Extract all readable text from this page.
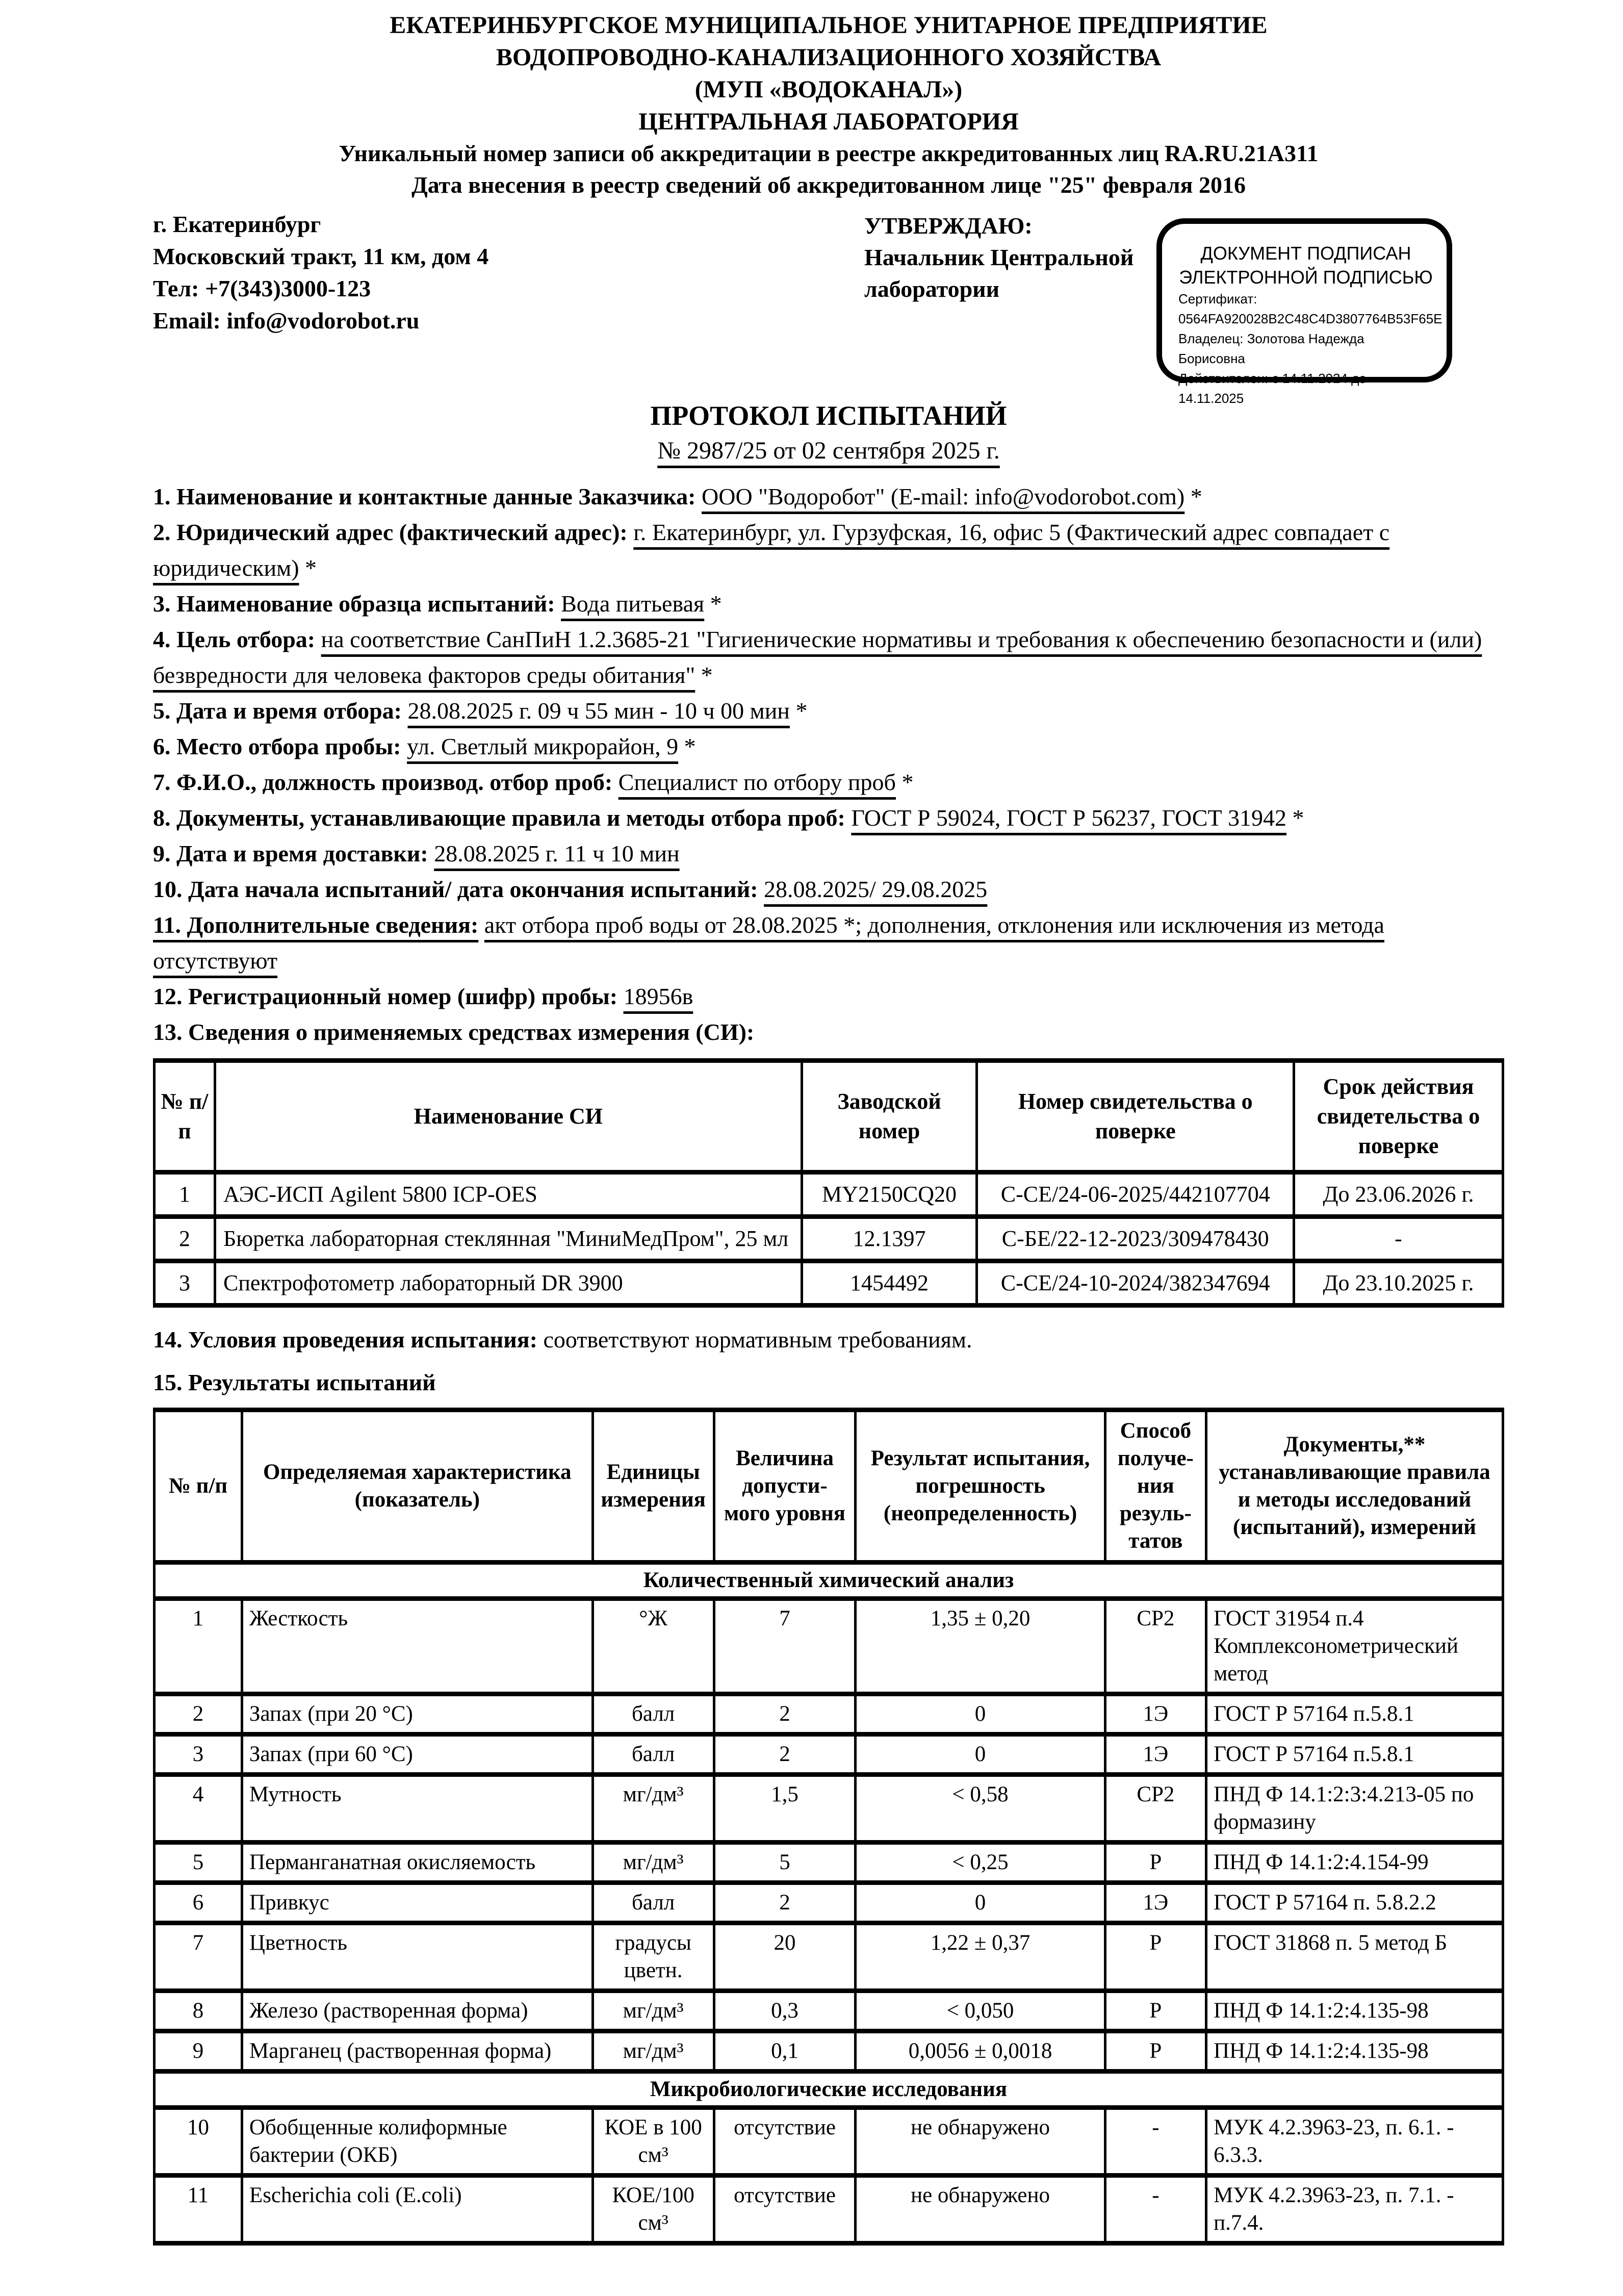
ЕКАТЕРИНБУРГСКОЕ МУНИЦИПАЛЬНОЕ УНИТАРНОЕ ПРЕДПРИЯТИЕ

ВОДОПРОВОДНО-КАНАЛИЗАЦИОННОГО ХОЗЯЙСТВА

(МУП «ВОДОКАНАЛ»)

ЦЕНТРАЛЬНАЯ ЛАБОРАТОРИЯ

Уникальный номер записи об аккредитации в реестре аккредитованных лиц RA.RU.21A311

Дата внесения в реестр сведений об аккредитованном лице "25" февраля 2016

г. Екатеринбург

Московский тракт, 11 км, дом 4

Тел: +7(343)3000-123

Email: info@vodorobot.ru

УТВЕРЖДАЮ:

Начальник Центральной

лаборатории

ДОКУМЕНТ ПОДПИСАН

ЭЛЕКТРОННОЙ ПОДПИСЬЮ

Сертификат: 0564FA920028B2C48C4D3807764B53F65E

Владелец: Золотова Надежда Борисовна

Действителен: с 14.11.2024 до 14.11.2025

ПРОТОКОЛ ИСПЫТАНИЙ

№ 2987/25 от 02 сентября 2025 г.

1. Наименование и контактные данные Заказчика: ООО "Водоробот" (E-mail: info@vodorobot.com) *

2. Юридический адрес (фактический адрес): г. Екатеринбург, ул. Гурзуфская, 16, офис 5 (Фактический адрес совпадает с юридическим) *

3. Наименование образца испытаний: Вода питьевая *

4. Цель отбора: на соответствие СанПиН 1.2.3685-21 "Гигиенические нормативы и требования к обеспечению безопасности и (или) безвредности для человека факторов среды обитания" *

5. Дата и время отбора: 28.08.2025 г. 09 ч 55 мин - 10 ч 00 мин *

6. Место отбора пробы: ул. Светлый микрорайон, 9 *

7. Ф.И.О., должность производ. отбор проб: Специалист по отбору проб *

8. Документы, устанавливающие правила и методы отбора проб: ГОСТ Р 59024, ГОСТ Р 56237, ГОСТ 31942 *

9. Дата и время доставки: 28.08.2025 г. 11 ч 10 мин

10. Дата начала испытаний/ дата окончания испытаний: 28.08.2025/ 29.08.2025

11. Дополнительные сведения: акт отбора проб воды от 28.08.2025 *; дополнения, отклонения или исключения из метода отсутствуют

12. Регистрационный номер (шифр) пробы: 18956в

13. Сведения о применяемых средствах измерения (СИ):

№ п/п	Наименование СИ	Заводской номер	Номер свидетельства о поверке	Срок действия свидетельства о поверке
1	АЭС-ИСП Agilent 5800 ICP-OES	MY2150CQ20	С-СЕ/24-06-2025/442107704	До 23.06.2026 г.
2	Бюретка лабораторная стеклянная "МиниМедПром", 25 мл	12.1397	С-БЕ/22-12-2023/309478430	-
3	Спектрофотометр лабораторный DR 3900	1454492	С-СЕ/24-10-2024/382347694	До 23.10.2025 г.

14. Условия проведения испытания: соответствуют нормативным требованиям.

15. Результаты испытаний

№ п/п	Определяемая характеристика (показатель)	Единицы измерения	Величина допусти-мого уровня	Результат испытания, погрешность (неопределенность)	Способ получе-ния резуль-татов	Документы,** устанавливающие правила и методы исследований (испытаний), измерений
Количественный химический анализ						
1	Жесткость	°Ж	7	1,35 ± 0,20	СР2	ГОСТ 31954 п.4 Комплексонометрический метод
2	Запах (при 20 °С)	балл	2	0	1Э	ГОСТ Р 57164 п.5.8.1
3	Запах (при 60 °С)	балл	2	0	1Э	ГОСТ Р 57164 п.5.8.1
4	Мутность	мг/дм³	1,5	< 0,58	СР2	ПНД Ф 14.1:2:3:4.213-05 по формазину
5	Перманганатная окисляемость	мг/дм³	5	< 0,25	Р	ПНД Ф 14.1:2:4.154-99
6	Привкус	балл	2	0	1Э	ГОСТ Р 57164 п. 5.8.2.2
7	Цветность	градусы цветн.	20	1,22 ± 0,37	Р	ГОСТ 31868 п. 5 метод Б
8	Железо (растворенная форма)	мг/дм³	0,3	< 0,050	Р	ПНД Ф 14.1:2:4.135-98
9	Марганец (растворенная форма)	мг/дм³	0,1	0,0056 ± 0,0018	Р	ПНД Ф 14.1:2:4.135-98
Микробиологические исследования						
10	Обобщенные колиформные бактерии (ОКБ)	КОЕ в 100 см³	отсутствие	не обнаружено	-	МУК 4.2.3963-23, п. 6.1. - 6.3.3.
11	Escherichia coli (E.coli)	КОЕ/100 см³	отсутствие	не обнаружено	-	МУК 4.2.3963-23, п. 7.1. - п.7.4.
